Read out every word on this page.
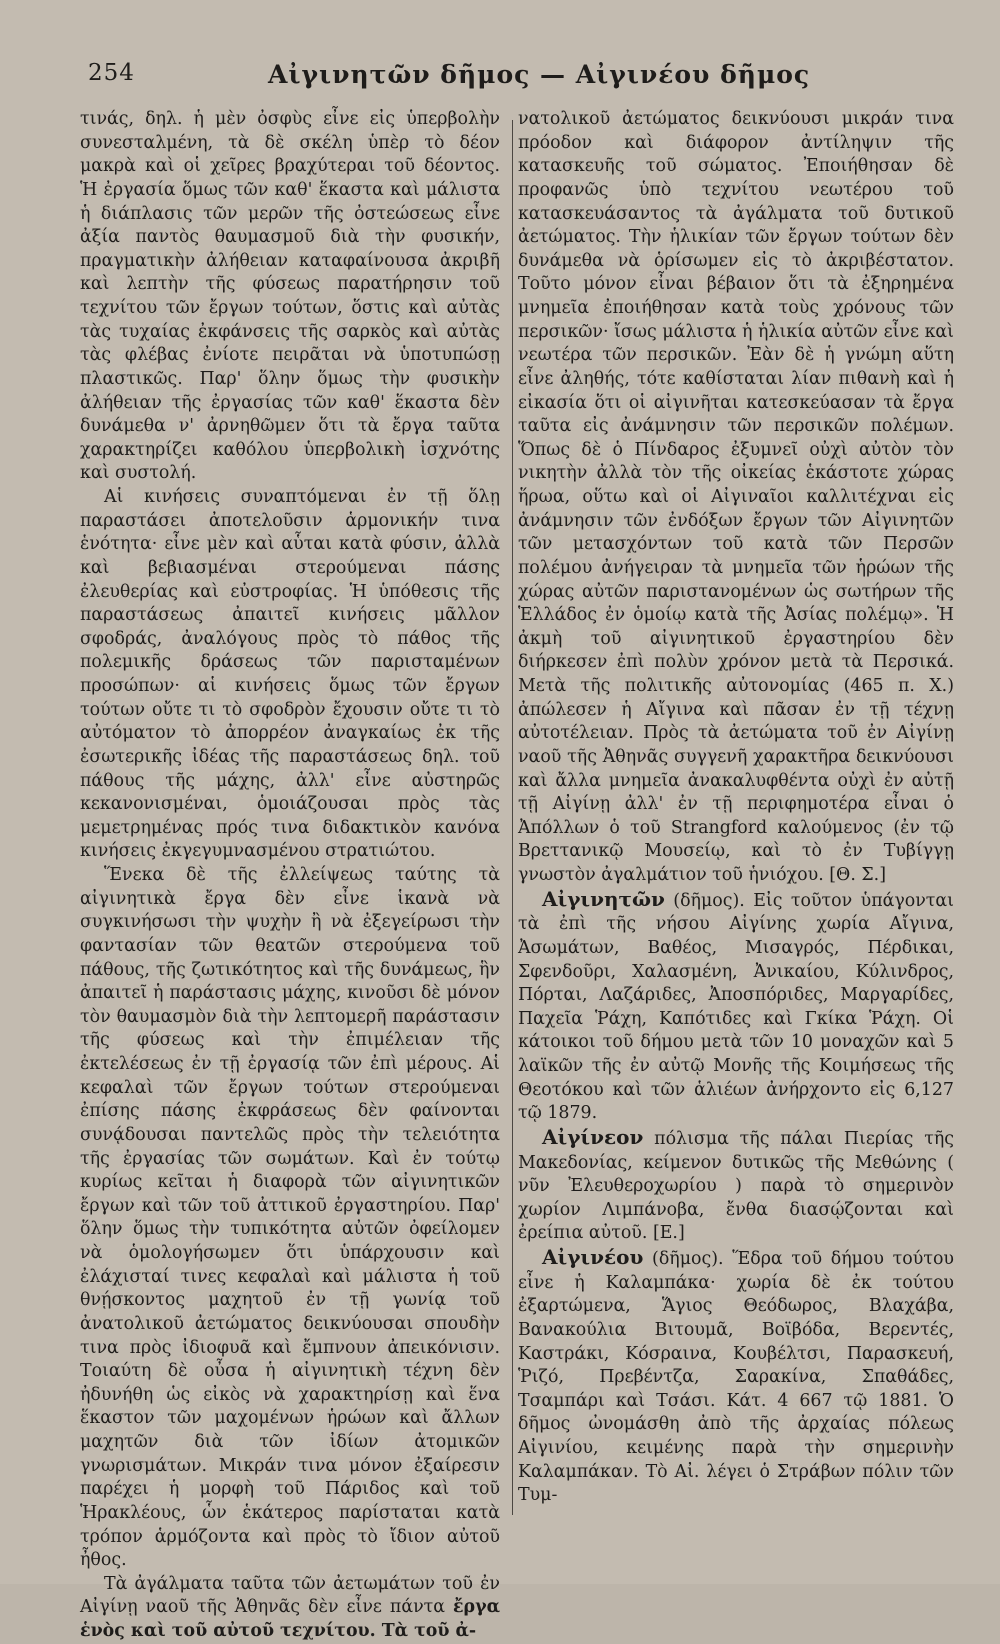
254	Αἰγινητῶν δῆμος — Αἰγινέου δῆμος

τινάς, δηλ. ἡ μὲν ὀσφὺς εἶνε εἰς ὑπερβολὴν συνεσταλμένη, τὰ δὲ σκέλη ὑπὲρ τὸ δέον μακρὰ καὶ οἱ χεῖρες βραχύτεραι τοῦ δέοντος. Ἡ ἐργασία ὅμως τῶν καθ' ἕκαστα καὶ μάλιστα ἡ διάπλασις τῶν μερῶν τῆς ὀστεώσεως εἶνε ἀξία παντὸς θαυμασμοῦ διὰ τὴν φυσικήν, πραγματικὴν ἀλήθειαν καταφαίνουσα ἀκριβῆ καὶ λεπτὴν τῆς φύσεως παρατήρησιν τοῦ τεχνίτου τῶν ἔργων τούτων, ὅστις καὶ αὐτὰς τὰς τυχαίας ἐκφάνσεις τῆς σαρκὸς καὶ αὐτὰς τὰς φλέβας ἐνίοτε πειρᾶται νὰ ὑποτυπώσῃ πλαστικῶς. Παρ' ὅλην ὅμως τὴν φυσικὴν ἀλήθειαν τῆς ἐργασίας τῶν καθ' ἕκαστα δὲν δυνάμεθα ν' ἀρνηθῶμεν ὅτι τὰ ἔργα ταῦτα χαρακτηρίζει καθόλου ὑπερβολικὴ ἰσχνότης καὶ συστολή.

Αἱ κινήσεις συναπτόμεναι ἐν τῇ ὅλῃ παραστάσει ἀποτελοῦσιν ἁρμονικήν τινα ἑνότητα· εἶνε μὲν καὶ αὗται κατὰ φύσιν, ἀλλὰ καὶ βεβιασμέναι στερούμεναι πάσης ἐλευθερίας καὶ εὐστροφίας. Ἡ ὑπόθεσις τῆς παραστάσεως ἀπαιτεῖ κινήσεις μᾶλλον σφοδράς, ἀναλόγους πρὸς τὸ πάθος τῆς πολεμικῆς δράσεως τῶν παρισταμένων προσώπων· αἱ κινήσεις ὅμως τῶν ἔργων τούτων οὔτε τι τὸ σφοδρὸν ἔχουσιν οὔτε τι τὸ αὐτόματον τὸ ἀπορρέον ἀναγκαίως ἐκ τῆς ἐσωτερικῆς ἰδέας τῆς παραστάσεως δηλ. τοῦ πάθους τῆς μάχης, ἀλλ' εἶνε αὐστηρῶς κεκανονισμέναι, ὁμοιάζουσαι πρὸς τὰς μεμετρημένας πρός τινα διδακτικὸν κανόνα κινήσεις ἐκγεγυμνασμένου στρατιώτου.

Ἕνεκα δὲ τῆς ἐλλείψεως ταύτης τὰ αἰγινητικὰ ἔργα δὲν εἶνε ἱκανὰ νὰ συγκινήσωσι τὴν ψυχὴν ἢ νὰ ἐξεγείρωσι τὴν φαντασίαν τῶν θεατῶν στερούμενα τοῦ πάθους, τῆς ζωτικότητος καὶ τῆς δυνάμεως, ἣν ἀπαιτεῖ ἡ παράστασις μάχης, κινοῦσι δὲ μόνον τὸν θαυμασμὸν διὰ τὴν λεπτομερῆ παράστασιν τῆς φύσεως καὶ τὴν ἐπιμέλειαν τῆς ἐκτελέσεως ἐν τῇ ἐργασίᾳ τῶν ἐπὶ μέρους. Αἱ κεφαλαὶ τῶν ἔργων τούτων στερούμεναι ἐπίσης πάσης ἐκφράσεως δὲν φαίνονται συνᾴδουσαι παντελῶς πρὸς τὴν τελειότητα τῆς ἐργασίας τῶν σωμάτων. Καὶ ἐν τούτῳ κυρίως κεῖται ἡ διαφορὰ τῶν αἰγινητικῶν ἔργων καὶ τῶν τοῦ ἀττικοῦ ἐργαστηρίου. Παρ' ὅλην ὅμως τὴν τυπικότητα αὐτῶν ὀφείλομεν νὰ ὁμολογήσωμεν ὅτι ὑπάρχουσιν καὶ ἐλάχισταί τινες κεφαλαὶ καὶ μάλιστα ἡ τοῦ θνῄσκοντος μαχητοῦ ἐν τῇ γωνίᾳ τοῦ ἀνατολικοῦ ἀετώματος δεικνύουσαι σπουδὴν τινα πρὸς ἰδιοφυᾶ καὶ ἔμπνουν ἀπεικόνισιν. Τοιαύτη δὲ οὖσα ἡ αἰγινητικὴ τέχνη δὲν ἠδυνήθη ὡς εἰκὸς νὰ χαρακτηρίσῃ καὶ ἕνα ἕκαστον τῶν μαχομένων ἡρώων καὶ ἄλλων μαχητῶν διὰ τῶν ἰδίων ἀτομικῶν γνωρισμάτων. Μικράν τινα μόνον ἐξαίρεσιν παρέχει ἡ μορφὴ τοῦ Πάριδος καὶ τοῦ Ἡρακλέους, ὧν ἑκάτερος παρίσταται κατὰ τρόπον ἁρμόζοντα καὶ πρὸς τὸ ἴδιον αὐτοῦ ἦθος.

Τὰ ἀγάλματα ταῦτα τῶν ἀετωμάτων τοῦ ἐν Αἰγίνῃ ναοῦ τῆς Ἀθηνᾶς δὲν εἶνε πάντα ἔργα ἑνὸς καὶ τοῦ αὐτοῦ τεχνίτου. Τὰ τοῦ ἀ-

νατολικοῦ ἀετώματος δεικνύουσι μικράν τινα πρόοδον καὶ διάφορον ἀντίληψιν τῆς κατασκευῆς τοῦ σώματος. Ἐποιήθησαν δὲ προφανῶς ὑπὸ τεχνίτου νεωτέρου τοῦ κατασκευάσαντος τὰ ἀγάλματα τοῦ δυτικοῦ ἀετώματος. Τὴν ἡλικίαν τῶν ἔργων τούτων δὲν δυνάμεθα νὰ ὁρίσωμεν εἰς τὸ ἀκριβέστατον. Τοῦτο μόνον εἶναι βέβαιον ὅτι τὰ ἐξηρημένα μνημεῖα ἐποιήθησαν κατὰ τοὺς χρόνους τῶν περσικῶν· ἴσως μάλιστα ἡ ἡλικία αὐτῶν εἶνε καὶ νεωτέρα τῶν περσικῶν. Ἐὰν δὲ ἡ γνώμη αὕτη εἶνε ἀληθής, τότε καθίσταται λίαν πιθανὴ καὶ ἡ εἰκασία ὅτι οἱ αἰγινῆται κατεσκεύασαν τὰ ἔργα ταῦτα εἰς ἀνάμνησιν τῶν περσικῶν πολέμων. Ὅπως δὲ ὁ Πίνδαρος ἐξυμνεῖ οὐχὶ αὐτὸν τὸν νικητὴν ἀλλὰ τὸν τῆς οἰκείας ἑκάστοτε χώρας ἥρωα, οὕτω καὶ οἱ Αἰγιναῖοι καλλιτέχναι εἰς ἀνάμνησιν τῶν ἐνδόξων ἔργων τῶν Αἰγινητῶν τῶν μετασχόντων τοῦ κατὰ τῶν Περσῶν πολέμου ἀνήγειραν τὰ μνημεῖα τῶν ἡρώων τῆς χώρας αὐτῶν παριστανομένων ὡς σωτήρων τῆς Ἑλλάδος ἐν ὁμοίῳ κατὰ τῆς Ἀσίας πολέμῳ». Ἡ ἀκμὴ τοῦ αἰγινητικοῦ ἐργαστηρίου δὲν διήρκεσεν ἐπὶ πολὺν χρόνον μετὰ τὰ Περσικά. Μετὰ τῆς πολιτικῆς αὐτονομίας (465 π. Χ.) ἀπώλεσεν ἡ Αἴγινα καὶ πᾶσαν ἐν τῇ τέχνῃ αὐτοτέλειαν. Πρὸς τὰ ἀετώματα τοῦ ἐν Αἰγίνῃ ναοῦ τῆς Ἀθηνᾶς συγγενῆ χαρακτῆρα δεικνύουσι καὶ ἄλλα μνημεῖα ἀνακαλυφθέντα οὐχὶ ἐν αὐτῇ τῇ Αἰγίνῃ ἀλλ' ἐν τῇ περιφημοτέρα εἶναι ὁ Ἀπόλλων ὁ τοῦ Strangford καλούμενος (ἐν τῷ Βρεττανικῷ Μουσείῳ, καὶ τὸ ἐν Τυβίγγῃ γνωστὸν ἀγαλμάτιον τοῦ ἡνιόχου. [Θ. Σ.]

Αἰγινητῶν (δῆμος). Εἰς τοῦτον ὑπάγονται τὰ ἐπὶ τῆς νήσου Αἰγίνης χωρία Αἴγινα, Ἀσωμάτων, Βαθέος, Μισαγρός, Πέρδικαι, Σφενδοῦρι, Χαλασμένη, Ἀνικαίου, Κύλινδρος, Πόρται, Λαζάριδες, Ἀποσπόριδες, Μαργαρίδες, Παχεῖα Ῥάχη, Καπότιδες καὶ Γκίκα Ῥάχη. Οἱ κάτοικοι τοῦ δήμου μετὰ τῶν 10 μοναχῶν καὶ 5 λαϊκῶν τῆς ἐν αὐτῷ Μονῆς τῆς Κοιμήσεως τῆς Θεοτόκου καὶ τῶν ἁλιέων ἀνήρχοντο εἰς 6,127 τῷ 1879.

Αἰγίνεον πόλισμα τῆς πάλαι Πιερίας τῆς Μακεδονίας, κείμενον δυτικῶς τῆς Μεθώνης ( νῦν Ἐλευθεροχωρίου ) παρὰ τὸ σημερινὸν χωρίον Λιμπάνοβα, ἔνθα διασῴζονται καὶ ἐρείπια αὐτοῦ. [Ε.]

Αἰγινέου (δῆμος). Ἕδρα τοῦ δήμου τούτου εἶνε ἡ Καλαμπάκα· χωρία δὲ ἐκ τούτου ἐξαρτώμενα, Ἅγιος Θεόδωρος, Βλαχάβα, Βανακούλια Βιτουμᾶ, Βοϊβόδα, Βερεντές, Καστράκι, Κόσραινα, Κουβέλτσι, Παρασκευή, Ῥιζό, Πρεβέντζα, Σαρακίνα, Σπαθάδες, Τσαμπάρι καὶ Τσάσι. Κάτ. 4 667 τῷ 1881. Ὁ δῆμος ὠνομάσθη ἀπὸ τῆς ἀρχαίας πόλεως Αἰγινίου, κειμένης παρὰ τὴν σημερινὴν Καλαμπάκαν. Τὸ Αἰ. λέγει ὁ Στράβων πόλιν τῶν Τυμ-
